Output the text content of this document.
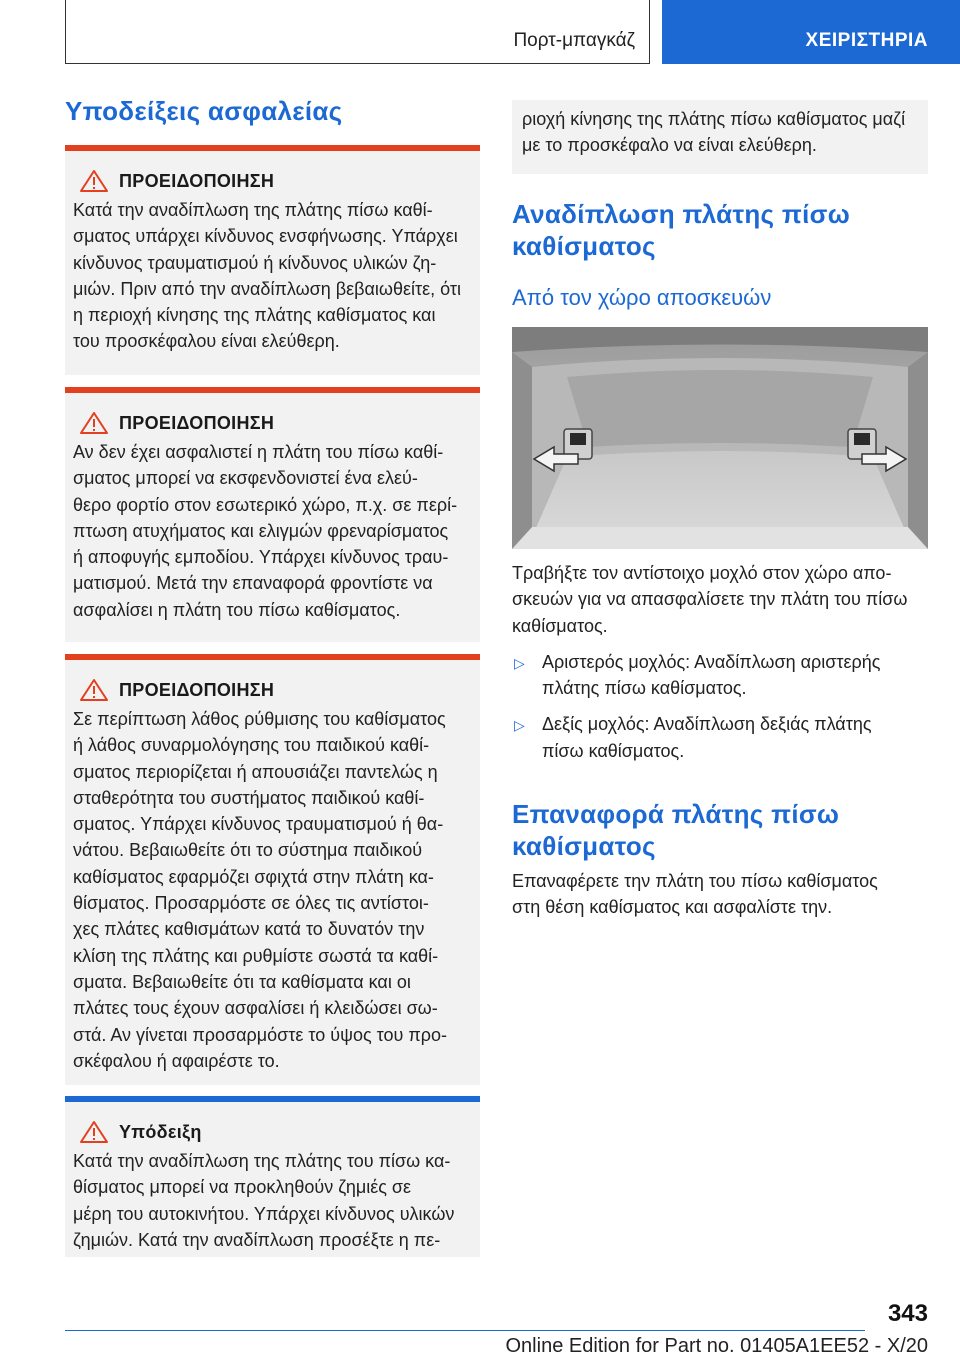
Πορτ-μπαγκάζ	ΧΕΙΡΙΣΤΗΡΙΑ
Υποδείξεις ασφαλείας
ΠΡΟΕΙΔΟΠΟΙΗΣΗ
Κατά την αναδίπλωση της πλάτης πίσω καθί-
σματος υπάρχει κίνδυνος ενσφήνωσης. Υπάρχει
κίνδυνος τραυματισμού ή κίνδυνος υλικών ζη-
μιών. Πριν από την αναδίπλωση βεβαιωθείτε, ότι
η περιοχή κίνησης της πλάτης καθίσματος και
του προσκέφαλου είναι ελεύθερη.
ΠΡΟΕΙΔΟΠΟΙΗΣΗ
Αν δεν έχει ασφαλιστεί η πλάτη του πίσω καθί-
σματος μπορεί να εκσφενδονιστεί ένα ελεύ-
θερο φορτίο στον εσωτερικό χώρο, π.χ. σε περί-
πτωση ατυχήματος και ελιγμών φρεναρίσματος
ή αποφυγής εμποδίου. Υπάρχει κίνδυνος τραυ-
ματισμού. Μετά την επαναφορά φροντίστε να
ασφαλίσει η πλάτη του πίσω καθίσματος.
ΠΡΟΕΙΔΟΠΟΙΗΣΗ
Σε περίπτωση λάθος ρύθμισης του καθίσματος
ή λάθος συναρμολόγησης του παιδικού καθί-
σματος περιορίζεται ή απουσιάζει παντελώς η
σταθερότητα του συστήματος παιδικού καθί-
σματος. Υπάρχει κίνδυνος τραυματισμού ή θα-
νάτου. Βεβαιωθείτε ότι το σύστημα παιδικού
καθίσματος εφαρμόζει σφιχτά στην πλάτη κα-
θίσματος. Προσαρμόστε σε όλες τις αντίστοι-
χες πλάτες καθισμάτων κατά το δυνατόν την
κλίση της πλάτης και ρυθμίστε σωστά τα καθί-
σματα. Βεβαιωθείτε ότι τα καθίσματα και οι
πλάτες τους έχουν ασφαλίσει ή κλειδώσει σω-
στά. Αν γίνεται προσαρμόστε το ύψος του προ-
σκέφαλου ή αφαιρέστε το.
Υπόδειξη
Κατά την αναδίπλωση της πλάτης του πίσω κα-
θίσματος μπορεί να προκληθούν ζημιές σε
μέρη του αυτοκινήτου. Υπάρχει κίνδυνος υλικών
ζημιών. Κατά την αναδίπλωση προσέξτε η πε-
ριοχή κίνησης της πλάτης πίσω καθίσματος μαζί
με το προσκέφαλο να είναι ελεύθερη.
Αναδίπλωση πλάτης πίσω
καθίσματος
Από τον χώρο αποσκευών
Τραβήξτε τον αντίστοιχο μοχλό στον χώρο απο-
σκευών για να απασφαλίσετε την πλάτη του πίσω
καθίσματος.
▷ Αριστερός μοχλός: Αναδίπλωση αριστερής
πλάτης πίσω καθίσματος.
▷ Δεξίς μοχλός: Αναδίπλωση δεξιάς πλάτης
πίσω καθίσματος.
Επαναφορά πλάτης πίσω
καθίσματος
Επαναφέρετε την πλάτη του πίσω καθίσματος
στη θέση καθίσματος και ασφαλίστε την.
343
Online Edition for Part no. 01405A1EE52 - X/20
